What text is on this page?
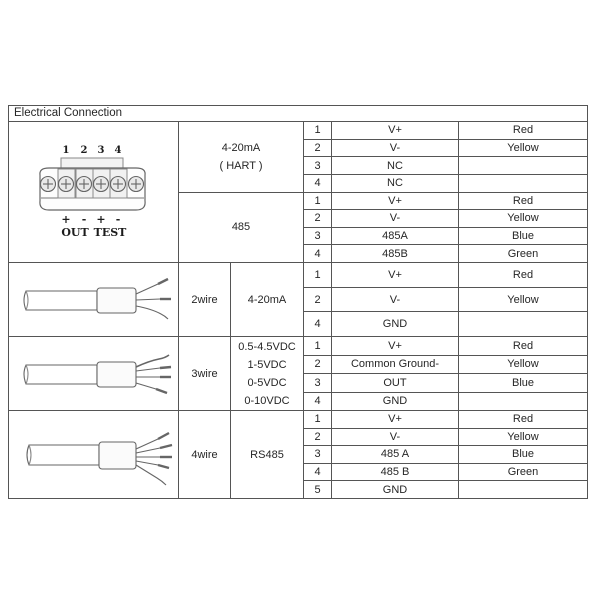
Electrical Connection
1 2 3 4
+ - + -
OUT TEST
4-20mA
( HART )
485
1	V+	Red
2	V-	Yellow
3	NC
4	NC
1	V+	Red
2	V-	Yellow
3	485A	Blue
4	485B	Green
2wire	4-20mA
1	V+	Red
2	V-	Yellow
4	GND
3wire
0.5-4.5VDC
1-5VDC
0-5VDC
0-10VDC
1	V+	Red
2	Common Ground-	Yellow
3	OUT	Blue
4	GND
4wire	RS485
1	V+	Red
2	V-	Yellow
3	485 A	Blue
4	485 B	Green
5	GND
